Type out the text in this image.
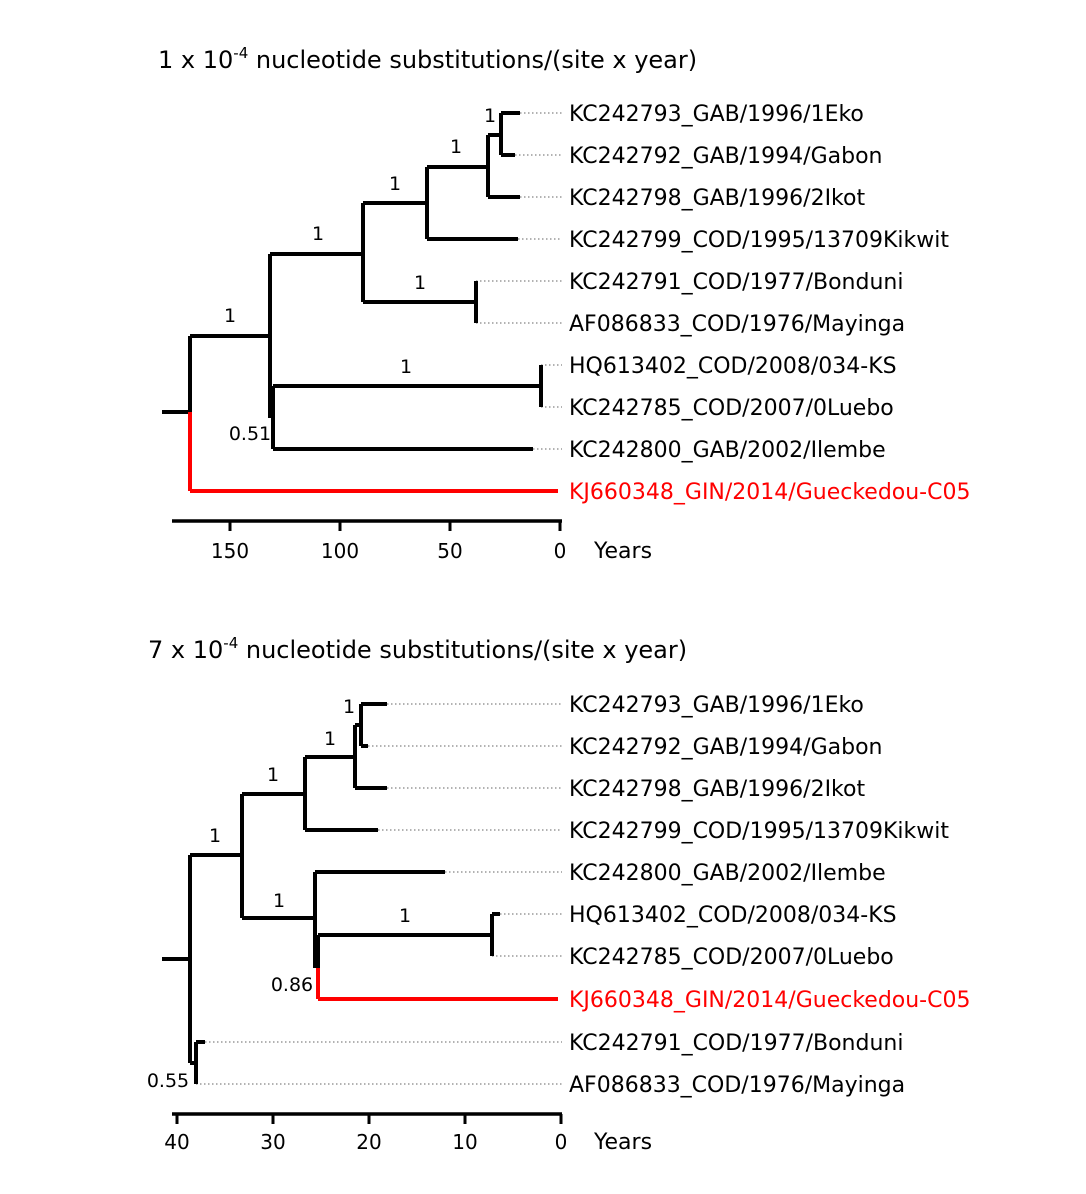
1 x $10^{-4}$ nucleotide substitutions/(site x year)
1
1
1
1
1
1
1
0.51
KC242793_GAB/1996/1Eko
KC242792_GAB/1994/Gabon
KC242798_GAB/1996/2Ikot
KC242799_COD/1995/13709Kikwit
KC242791_COD/1977/Bonduni
AF086833_COD/1976/Mayinga
HQ613402_COD/2008/034-KS
KC242785_COD/2007/0Luebo
KC242800_GAB/2002/Ilembe
KJ660348_GIN/2014/Gueckedou-C05
150	100	50	0 Years
7 x $10^{-4}$ nucleotide substitutions/(site x year)
1
1
1
1
1
1
0.86
0.55
KC242793_GAB/1996/1Eko
KC242792_GAB/1994/Gabon
KC242798_GAB/1996/2Ikot
KC242799_COD/1995/13709Kikwit
KC242800_GAB/2002/Ilembe
HQ613402_COD/2008/034-KS
KC242785_COD/2007/0Luebo
KJ660348_GIN/2014/Gueckedou-C05
KC242791_COD/1977/Bonduni
AF086833_COD/1976/Mayinga
40	30	20	10	0 Years
